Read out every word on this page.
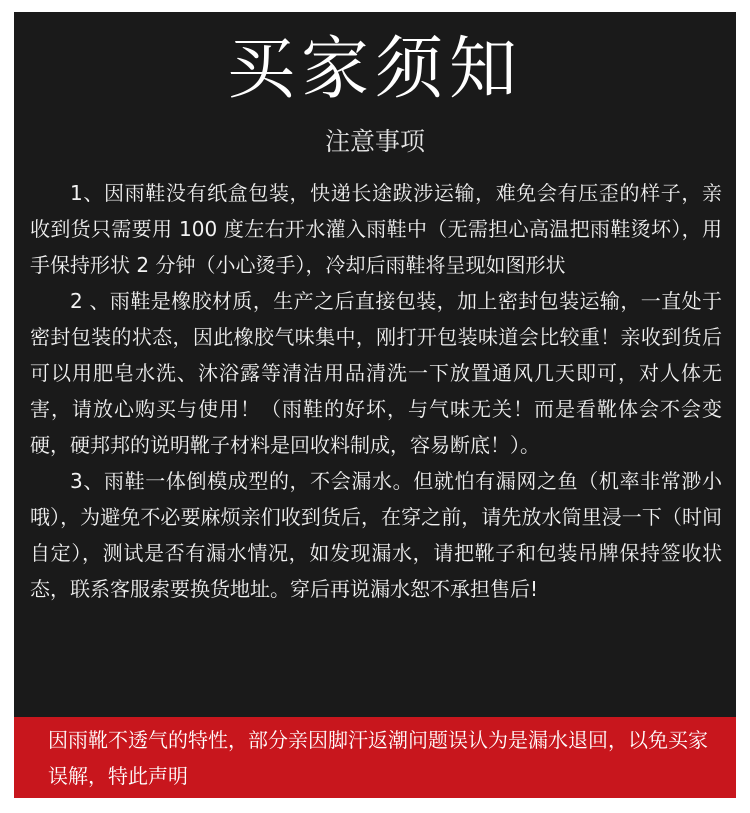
买家须知
注意事项

1、因雨鞋没有纸盒包装，快递长途跋涉运输，难免会有压歪的样子，亲收到货只需要用 100 度左右开水灌入雨鞋中（无需担心高温把雨鞋烫坏），用手保持形状 2 分钟（小心烫手），冷却后雨鞋将呈现如图形状

2 、雨鞋是橡胶材质，生产之后直接包装，加上密封包装运输，一直处于密封包装的状态，因此橡胶气味集中，刚打开包装味道会比较重！亲收到货后可以用肥皂水洗、沐浴露等清洁用品清洗一下放置通风几天即可，对人体无害，请放心购买与使用！（雨鞋的好坏，与气味无关！而是看靴体会不会变硬，硬邦邦的说明靴子材料是回收料制成，容易断底！）。

3、雨鞋一体倒模成型的，不会漏水。但就怕有漏网之鱼（机率非常渺小哦），为避免不必要麻烦亲们收到货后，在穿之前，请先放水筒里浸一下（时间自定），测试是否有漏水情况，如发现漏水，请把靴子和包装吊牌保持签收状态，联系客服索要换货地址。穿后再说漏水恕不承担售后!

因雨靴不透气的特性，部分亲因脚汗返潮问题误认为是漏水退回，以免买家误解，特此声明
